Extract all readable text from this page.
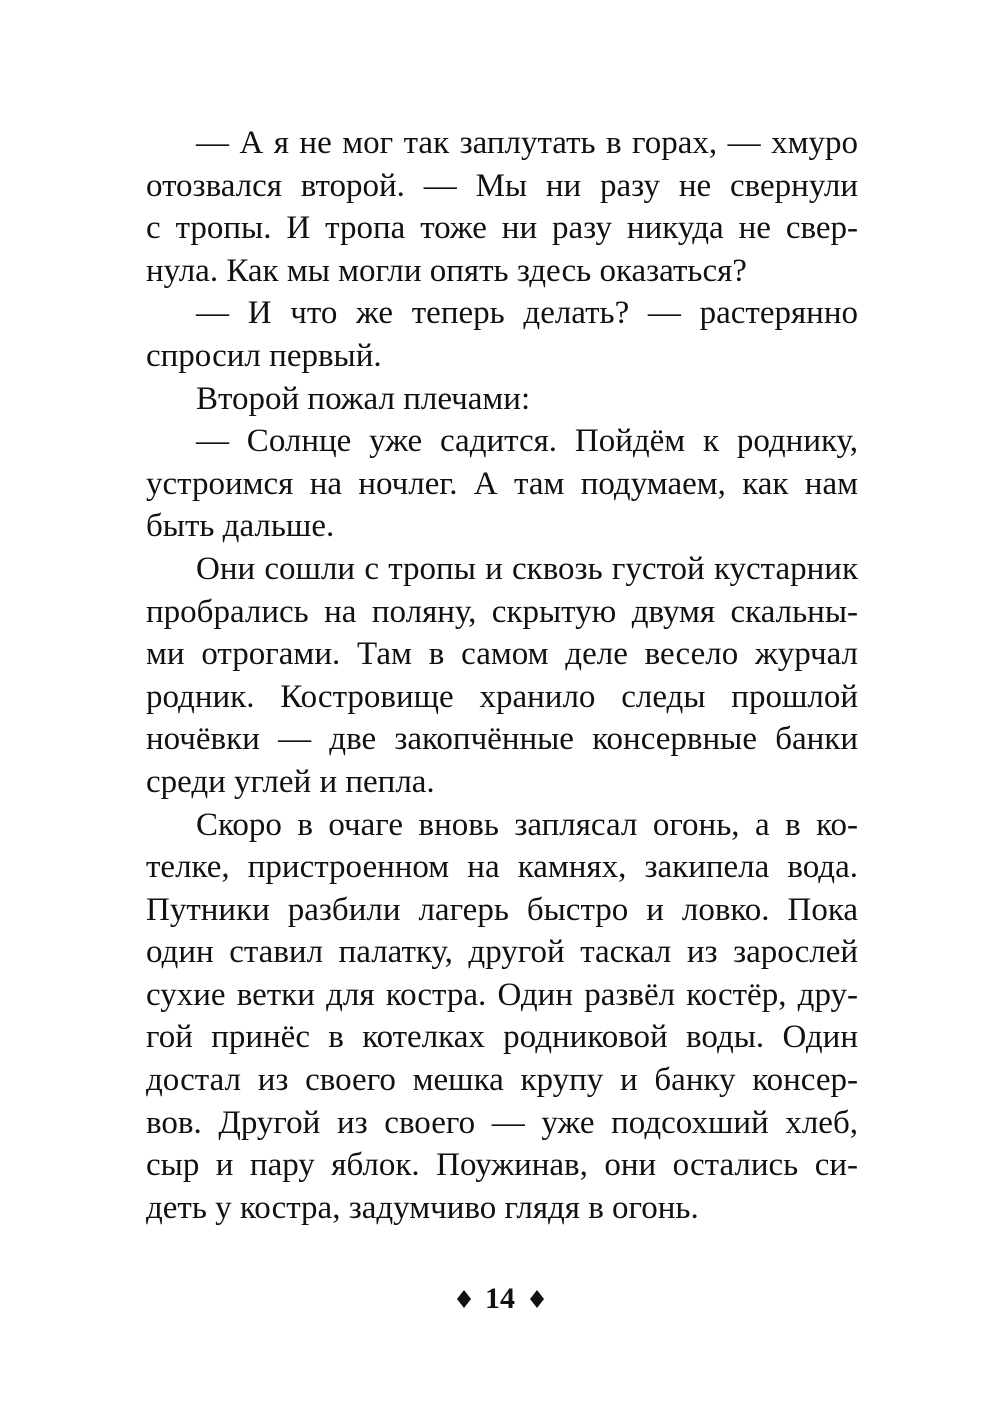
— А я не мог так заплутать в горах, — хмуро
отозвался второй. — Мы ни разу не свернули
с тропы. И тропа тоже ни разу никуда не свер-
нула. Как мы могли опять здесь оказаться?
— И что же теперь делать? — растерянно
спросил первый.
Второй пожал плечами:
— Солнце уже садится. Пойдём к роднику,
устроимся на ночлег. А там подумаем, как нам
быть дальше.
Они сошли с тропы и сквозь густой кустарник
пробрались на поляну, скрытую двумя скальны-
ми отрогами. Там в самом деле весело журчал
родник. Костровище хранило следы прошлой
ночёвки — две закопчённые консервные банки
среди углей и пепла.
Скоро в очаге вновь заплясал огонь, а в ко-
телке, пристроенном на камнях, закипела вода.
Путники разбили лагерь быстро и ловко. Пока
один ставил палатку, другой таскал из зарослей
сухие ветки для костра. Один развёл костёр, дру-
гой принёс в котелках родниковой воды. Один
достал из своего мешка крупу и банку консер-
вов. Другой из своего — уже подсохший хлеб,
сыр и пару яблок. Поужинав, они остались си-
деть у костра, задумчиво глядя в огонь.
14
